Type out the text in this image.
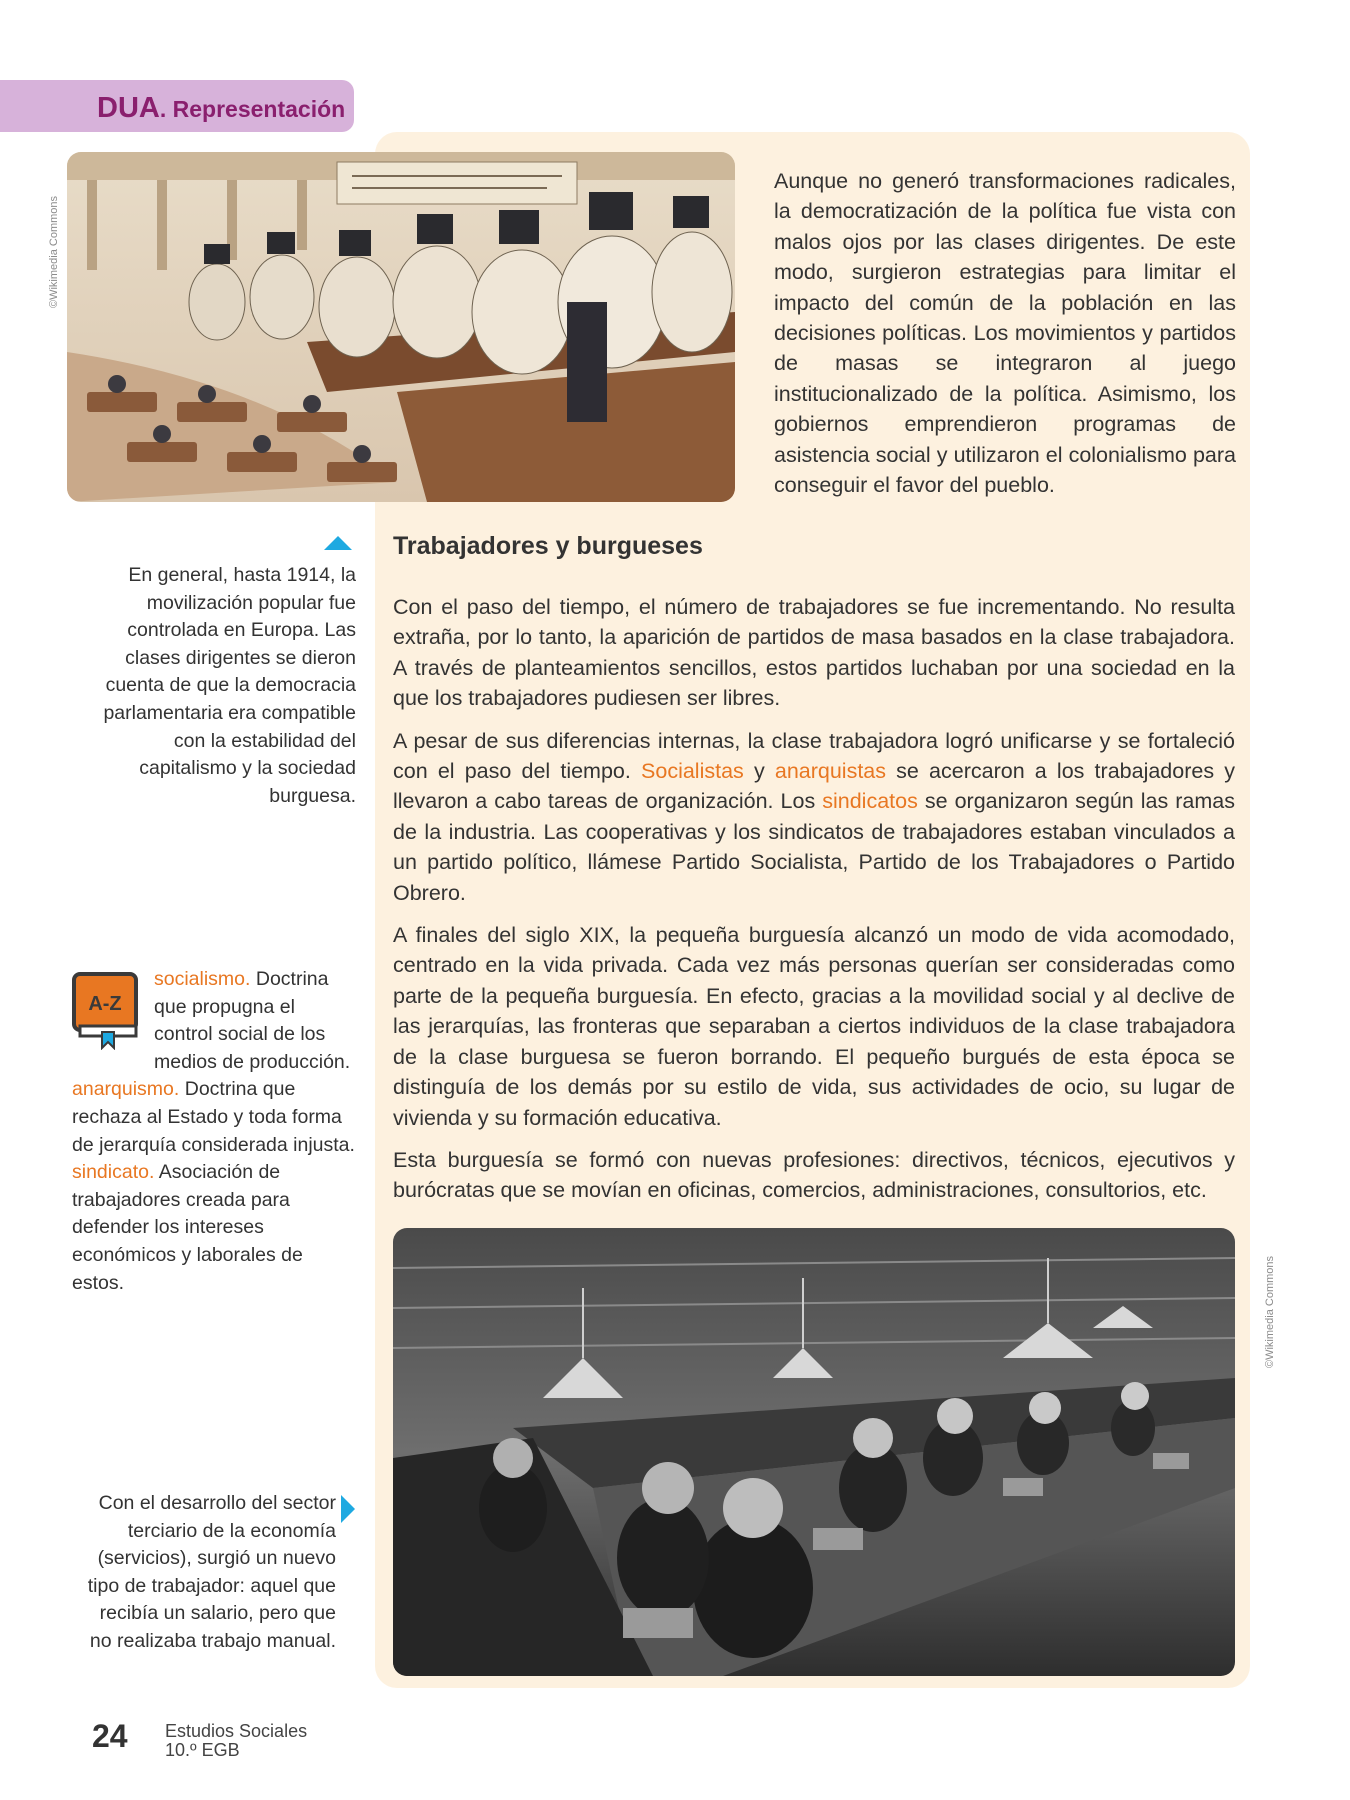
DUA. Representación
©Wikimedia Commons

Aunque no generó transformaciones radicales, la democratización de la política fue vista con malos ojos por las clases dirigentes. De este modo, surgieron estrategias para limitar el impacto del común de la población en las decisiones políticas. Los movimientos y partidos de masas se integraron al juego institucionalizado de la política. Asimismo, los gobiernos emprendieron programas de asistencia social y utilizaron el colonialismo para conseguir el favor del pueblo.

En general, hasta 1914, la movilización popular fue controlada en Europa. Las clases dirigentes se dieron cuenta de que la democracia parlamentaria era compatible con la estabilidad del capitalismo y la sociedad burguesa.

Trabajadores y burgueses

Con el paso del tiempo, el número de trabajadores se fue incrementando. No resulta extraña, por lo tanto, la aparición de partidos de masa basados en la clase trabajadora. A través de planteamientos sencillos, estos partidos luchaban por una sociedad en la que los trabajadores pudiesen ser libres.

A pesar de sus diferencias internas, la clase trabajadora logró unificarse y se fortaleció con el paso del tiempo. Socialistas y anarquistas se acercaron a los trabajadores y llevaron a cabo tareas de organización. Los sindicatos se organizaron según las ramas de la industria. Las cooperativas y los sindicatos de trabajadores estaban vinculados a un partido político, llámese Partido Socialista, Partido de los Trabajadores o Partido Obrero.

A finales del siglo XIX, la pequeña burguesía alcanzó un modo de vida acomodado, centrado en la vida privada. Cada vez más personas querían ser consideradas como parte de la pequeña burguesía. En efecto, gracias a la movilidad social y al declive de las jerarquías, las fronteras que separaban a ciertos individuos de la clase trabajadora de la clase burguesa se fueron borrando. El pequeño burgués de esta época se distinguía de los demás por su estilo de vida, sus actividades de ocio, su lugar de vivienda y su formación educativa.

Esta burguesía se formó con nuevas profesiones: directivos, técnicos, ejecutivos y burócratas que se movían en oficinas, comercios, administraciones, consultorios, etc.

A-Z

socialismo. Doctrina que propugna el control social de los medios de producción.

anarquismo. Doctrina que rechaza al Estado y toda forma de jerarquía considerada injusta.

sindicato. Asociación de trabajadores creada para defender los intereses económicos y laborales de estos.

Con el desarrollo del sector terciario de la economía (servicios), surgió un nuevo tipo de trabajador: aquel que recibía un salario, pero que no realizaba trabajo manual.

©Wikimedia Commons
24 Estudios Sociales
10.º EGB
